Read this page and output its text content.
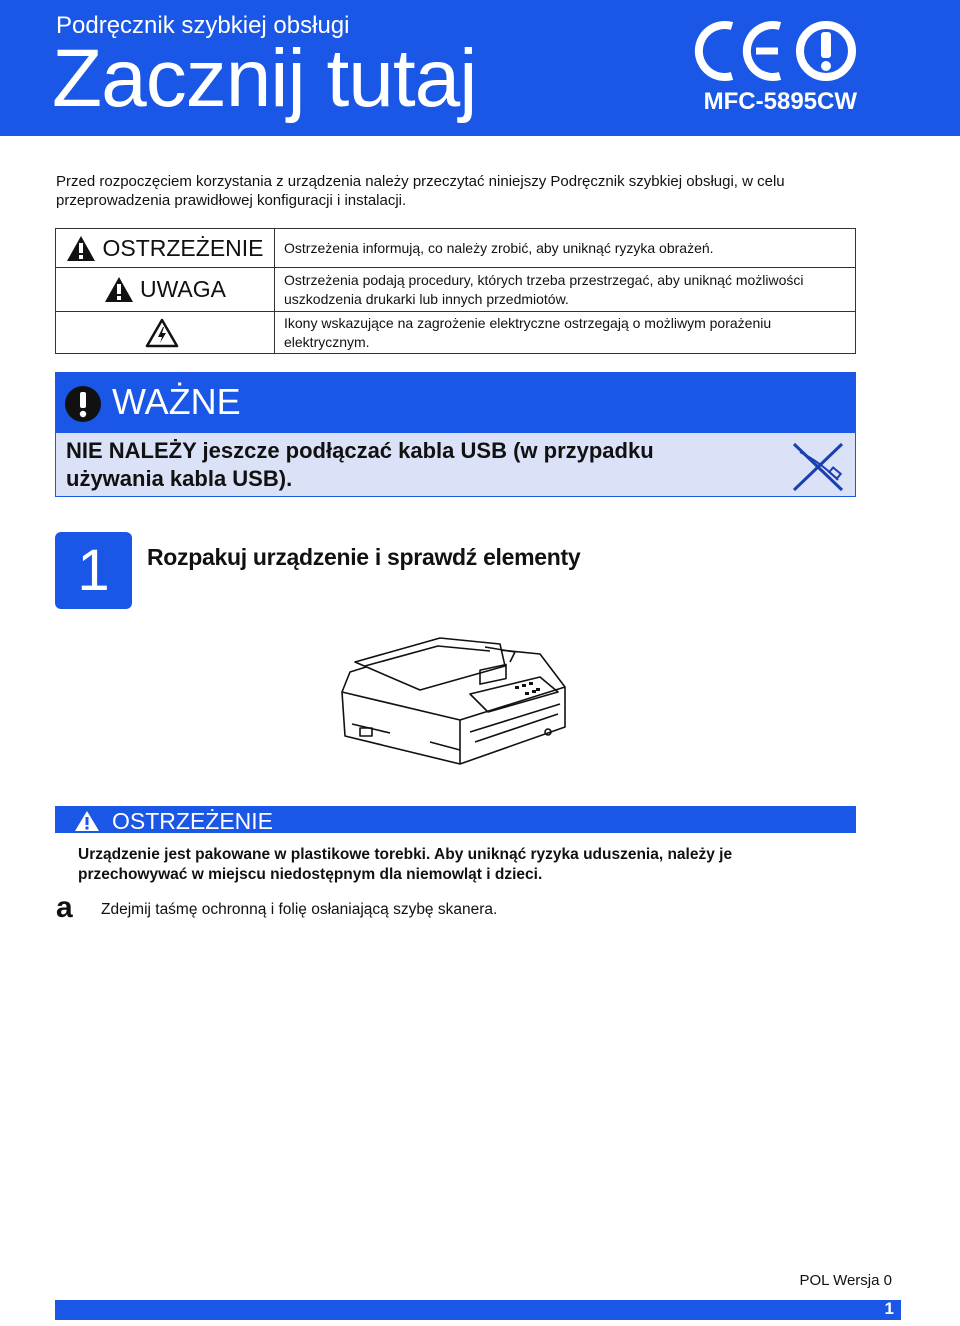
Podręcznik szybkiej obsługi
Zacznij tutaj	MFC-5895CW
Przed rozpoczęciem korzystania z urządzenia należy przeczytać niniejszy Podręcznik szybkiej obsługi, w celu przeprowadzenia prawidłowej konfiguracji i instalacji.
OSTRZEŻENIE Ostrzeżenia informują, co należy zrobić, aby uniknąć ryzyka obrażeń.
UWAGA	Ostrzeżenia podają procedury, których trzeba przestrzegać, aby uniknąć możliwości uszkodzenia drukarki lub innych przedmiotów.
Ikony wskazujące na zagrożenie elektryczne ostrzegają o możliwym porażeniu elektrycznym.
WAŻNE
NIE NALEŻY jeszcze podłączać kabla USB (w przypadku używania kabla USB).
1	Rozpakuj urządzenie i sprawdź elementy
OSTRZEŻENIE
Urządzenie jest pakowane w plastikowe torebki. Aby uniknąć ryzyka uduszenia, należy je przechowywać w miejscu niedostępnym dla niemowląt i dzieci.
a Zdejmij taśmę ochronną i folię osłaniającą szybę skanera.
POL Wersja 0
1
